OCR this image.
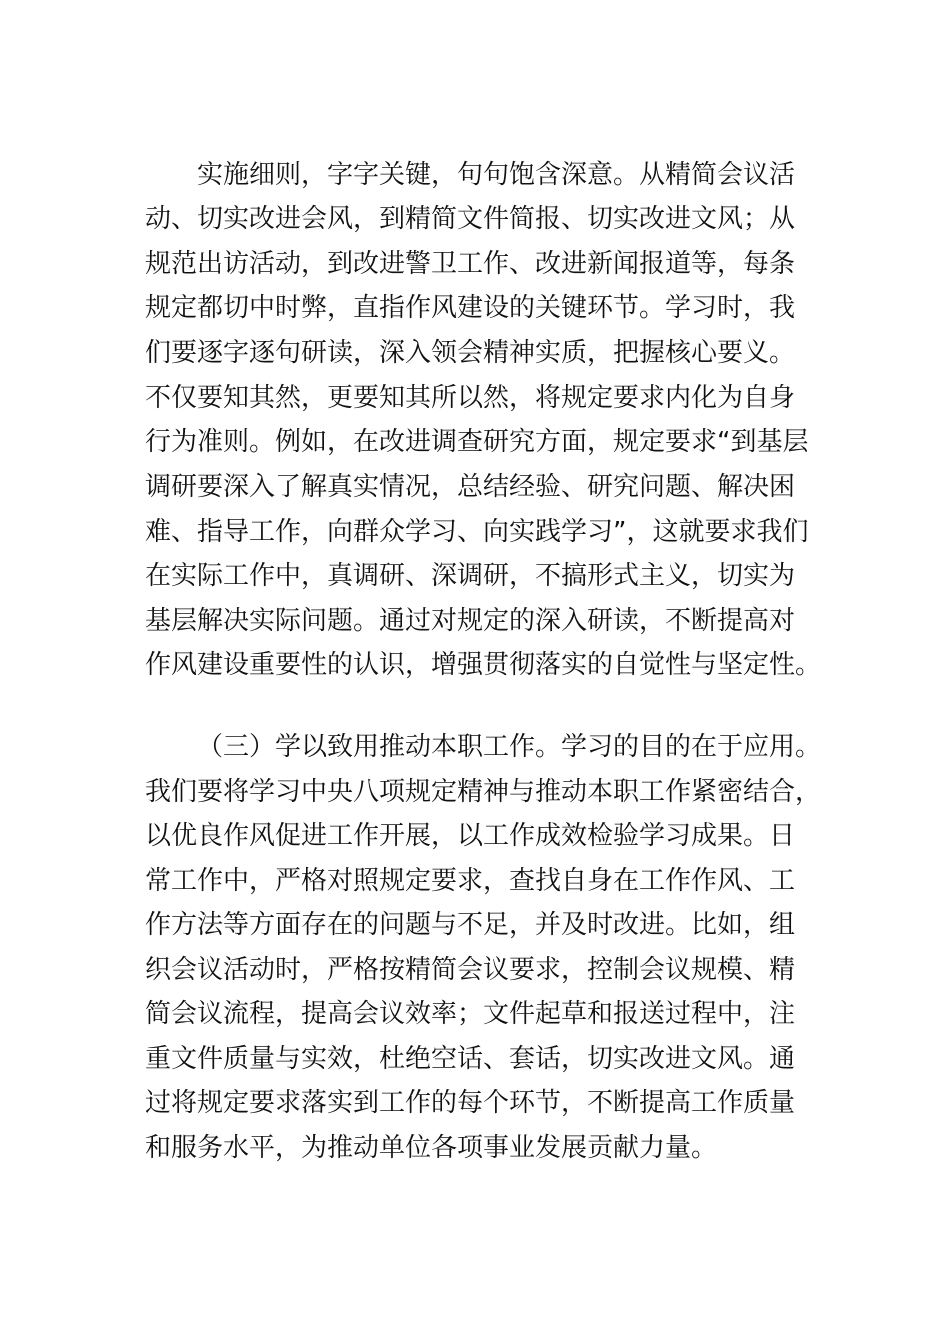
实施细则，字字关键，句句饱含深意。从精简会议活

动、切实改进会风，到精简文件简报、切实改进文风；从

规范出访活动，到改进警卫工作、改进新闻报道等，每条

规定都切中时弊，直指作风建设的关键环节。学习时，我

们要逐字逐句研读，深入领会精神实质，把握核心要义。

不仅要知其然，更要知其所以然，将规定要求内化为自身

行为准则。例如，在改进调查研究方面，规定要求“到基层

调研要深入了解真实情况，总结经验、研究问题、解决困

难、指导工作，向群众学习、向实践学习”，这就要求我们

在实际工作中，真调研、深调研，不搞形式主义，切实为

基层解决实际问题。通过对规定的深入研读，不断提高对

作风建设重要性的认识，增强贯彻落实的自觉性与坚定性。

（三）学以致用推动本职工作。学习的目的在于应用。

我们要将学习中央八项规定精神与推动本职工作紧密结合，

以优良作风促进工作开展，以工作成效检验学习成果。日

常工作中，严格对照规定要求，查找自身在工作作风、工

作方法等方面存在的问题与不足，并及时改进。比如，组

织会议活动时，严格按精简会议要求，控制会议规模、精

简会议流程，提高会议效率；文件起草和报送过程中，注

重文件质量与实效，杜绝空话、套话，切实改进文风。通

过将规定要求落实到工作的每个环节，不断提高工作质量

和服务水平，为推动单位各项事业发展贡献力量。
